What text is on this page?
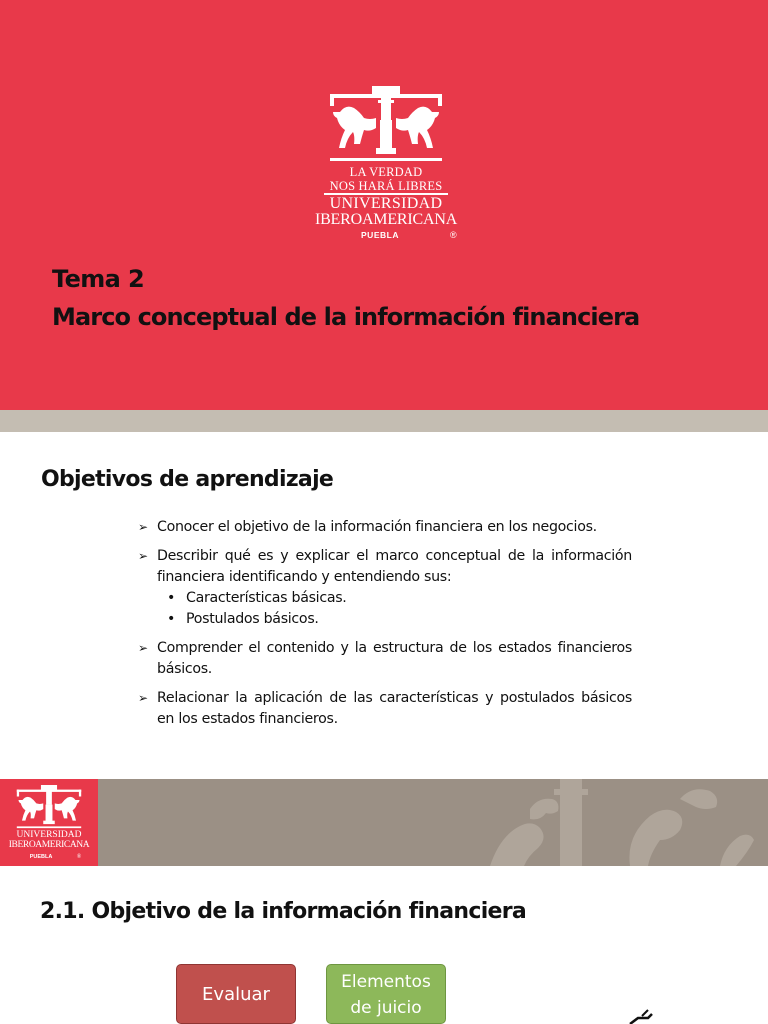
LA VERDAD
NOS HARÁ LIBRES
UNIVERSIDAD
IBEROAMERICANA
PUEBLA	®
Tema 2
Marco conceptual de la información financiera
Objetivos de aprendizaje
➢ Conocer el objetivo de la información financiera en los negocios.
➢ Describir qué es y explicar el marco conceptual de la información financiera identificando y entendiendo sus:
• Características básicas.
• Postulados básicos.
➢ Comprender el contenido y la estructura de los estados financieros básicos.
➢ Relacionar la aplicación de las características y postulados básicos en los estados financieros.
UNIVERSIDAD
IBEROAMERICANA
PUEBLA	®
2.1. Objetivo de la información financiera
Evaluar
Elementos
de juicio
